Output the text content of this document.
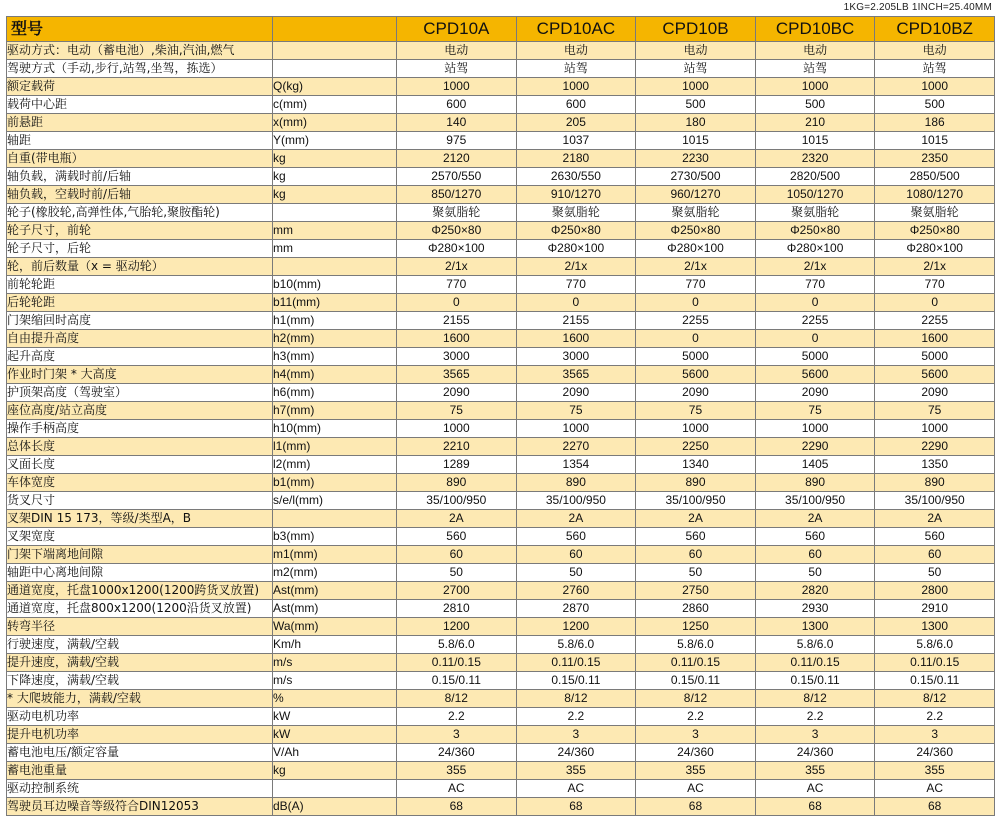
1KG=2.205LB 1INCH=25.40MM
型号		CPD10A	CPD10AC	CPD10B	CPD10BC	CPD10BZ
驱动方式：电动（蓄电池）,柴油,汽油,燃气		电动	电动	电动	电动	电动
驾驶方式（手动,步行,站驾,坐驾，拣选）		站驾	站驾	站驾	站驾	站驾
额定载荷	Q(kg)	1000	1000	1000	1000	1000
载荷中心距	c(mm)	600	600	500	500	500
前悬距	x(mm)	140	205	180	210	186
轴距	Y(mm)	975	1037	1015	1015	1015
自重(带电瓶）	kg	2120	2180	2230	2320	2350
轴负载，满载时前/后轴	kg	2570/550	2630/550	2730/500	2820/500	2850/500
轴负载，空载时前/后轴	kg	850/1270	910/1270	960/1270	1050/1270	1080/1270
轮子(橡胶轮,高弹性体,气胎轮,聚胺酯轮)		聚氨脂轮	聚氨脂轮	聚氨脂轮	聚氨脂轮	聚氨脂轮
轮子尺寸，前轮	mm	Φ250×80	Φ250×80	Φ250×80	Φ250×80	Φ250×80
轮子尺寸，后轮	mm	Φ280×100	Φ280×100	Φ280×100	Φ280×100	Φ280×100
轮，前后数量（x = 驱动轮）		2/1x	2/1x	2/1x	2/1x	2/1x
前轮轮距	b10(mm)	770	770	770	770	770
后轮轮距	b11(mm)	0	0	0	0	0
门架缩回时高度	h1(mm)	2155	2155	2255	2255	2255
自由提升高度	h2(mm)	1600	1600	0	0	1600
起升高度	h3(mm)	3000	3000	5000	5000	5000
作业时门架 * 大高度	h4(mm)	3565	3565	5600	5600	5600
护顶架高度（驾驶室）	h6(mm)	2090	2090	2090	2090	2090
座位高度/站立高度	h7(mm)	75	75	75	75	75
操作手柄高度	h10(mm)	1000	1000	1000	1000	1000
总体长度	l1(mm)	2210	2270	2250	2290	2290
叉面长度	l2(mm)	1289	1354	1340	1405	1350
车体宽度	b1(mm)	890	890	890	890	890
货叉尺寸	s/e/l(mm)	35/100/950	35/100/950	35/100/950	35/100/950	35/100/950
叉架DIN 15 173，等级/类型A，B		2A	2A	2A	2A	2A
叉架宽度	b3(mm)	560	560	560	560	560
门架下端离地间隙	m1(mm)	60	60	60	60	60
轴距中心离地间隙	m2(mm)	50	50	50	50	50
通道宽度，托盘1000x1200(1200跨货叉放置)	Ast(mm)	2700	2760	2750	2820	2800
通道宽度，托盘800x1200(1200沿货叉放置)	Ast(mm)	2810	2870	2860	2930	2910
转弯半径	Wa(mm)	1200	1200	1250	1300	1300
行驶速度，满载/空载	Km/h	5.8/6.0	5.8/6.0	5.8/6.0	5.8/6.0	5.8/6.0
提升速度，满载/空载	m/s	0.11/0.15	0.11/0.15	0.11/0.15	0.11/0.15	0.11/0.15
下降速度，满载/空载	m/s	0.15/0.11	0.15/0.11	0.15/0.11	0.15/0.11	0.15/0.11
* 大爬坡能力，满载/空载	%	8/12	8/12	8/12	8/12	8/12
驱动电机功率	kW	2.2	2.2	2.2	2.2	2.2
提升电机功率	kW	3	3	3	3	3
蓄电池电压/额定容量	V/Ah	24/360	24/360	24/360	24/360	24/360
蓄电池重量	kg	355	355	355	355	355
驱动控制系统		AC	AC	AC	AC	AC
驾驶员耳边噪音等级符合DIN12053	dB(A)	68	68	68	68	68
